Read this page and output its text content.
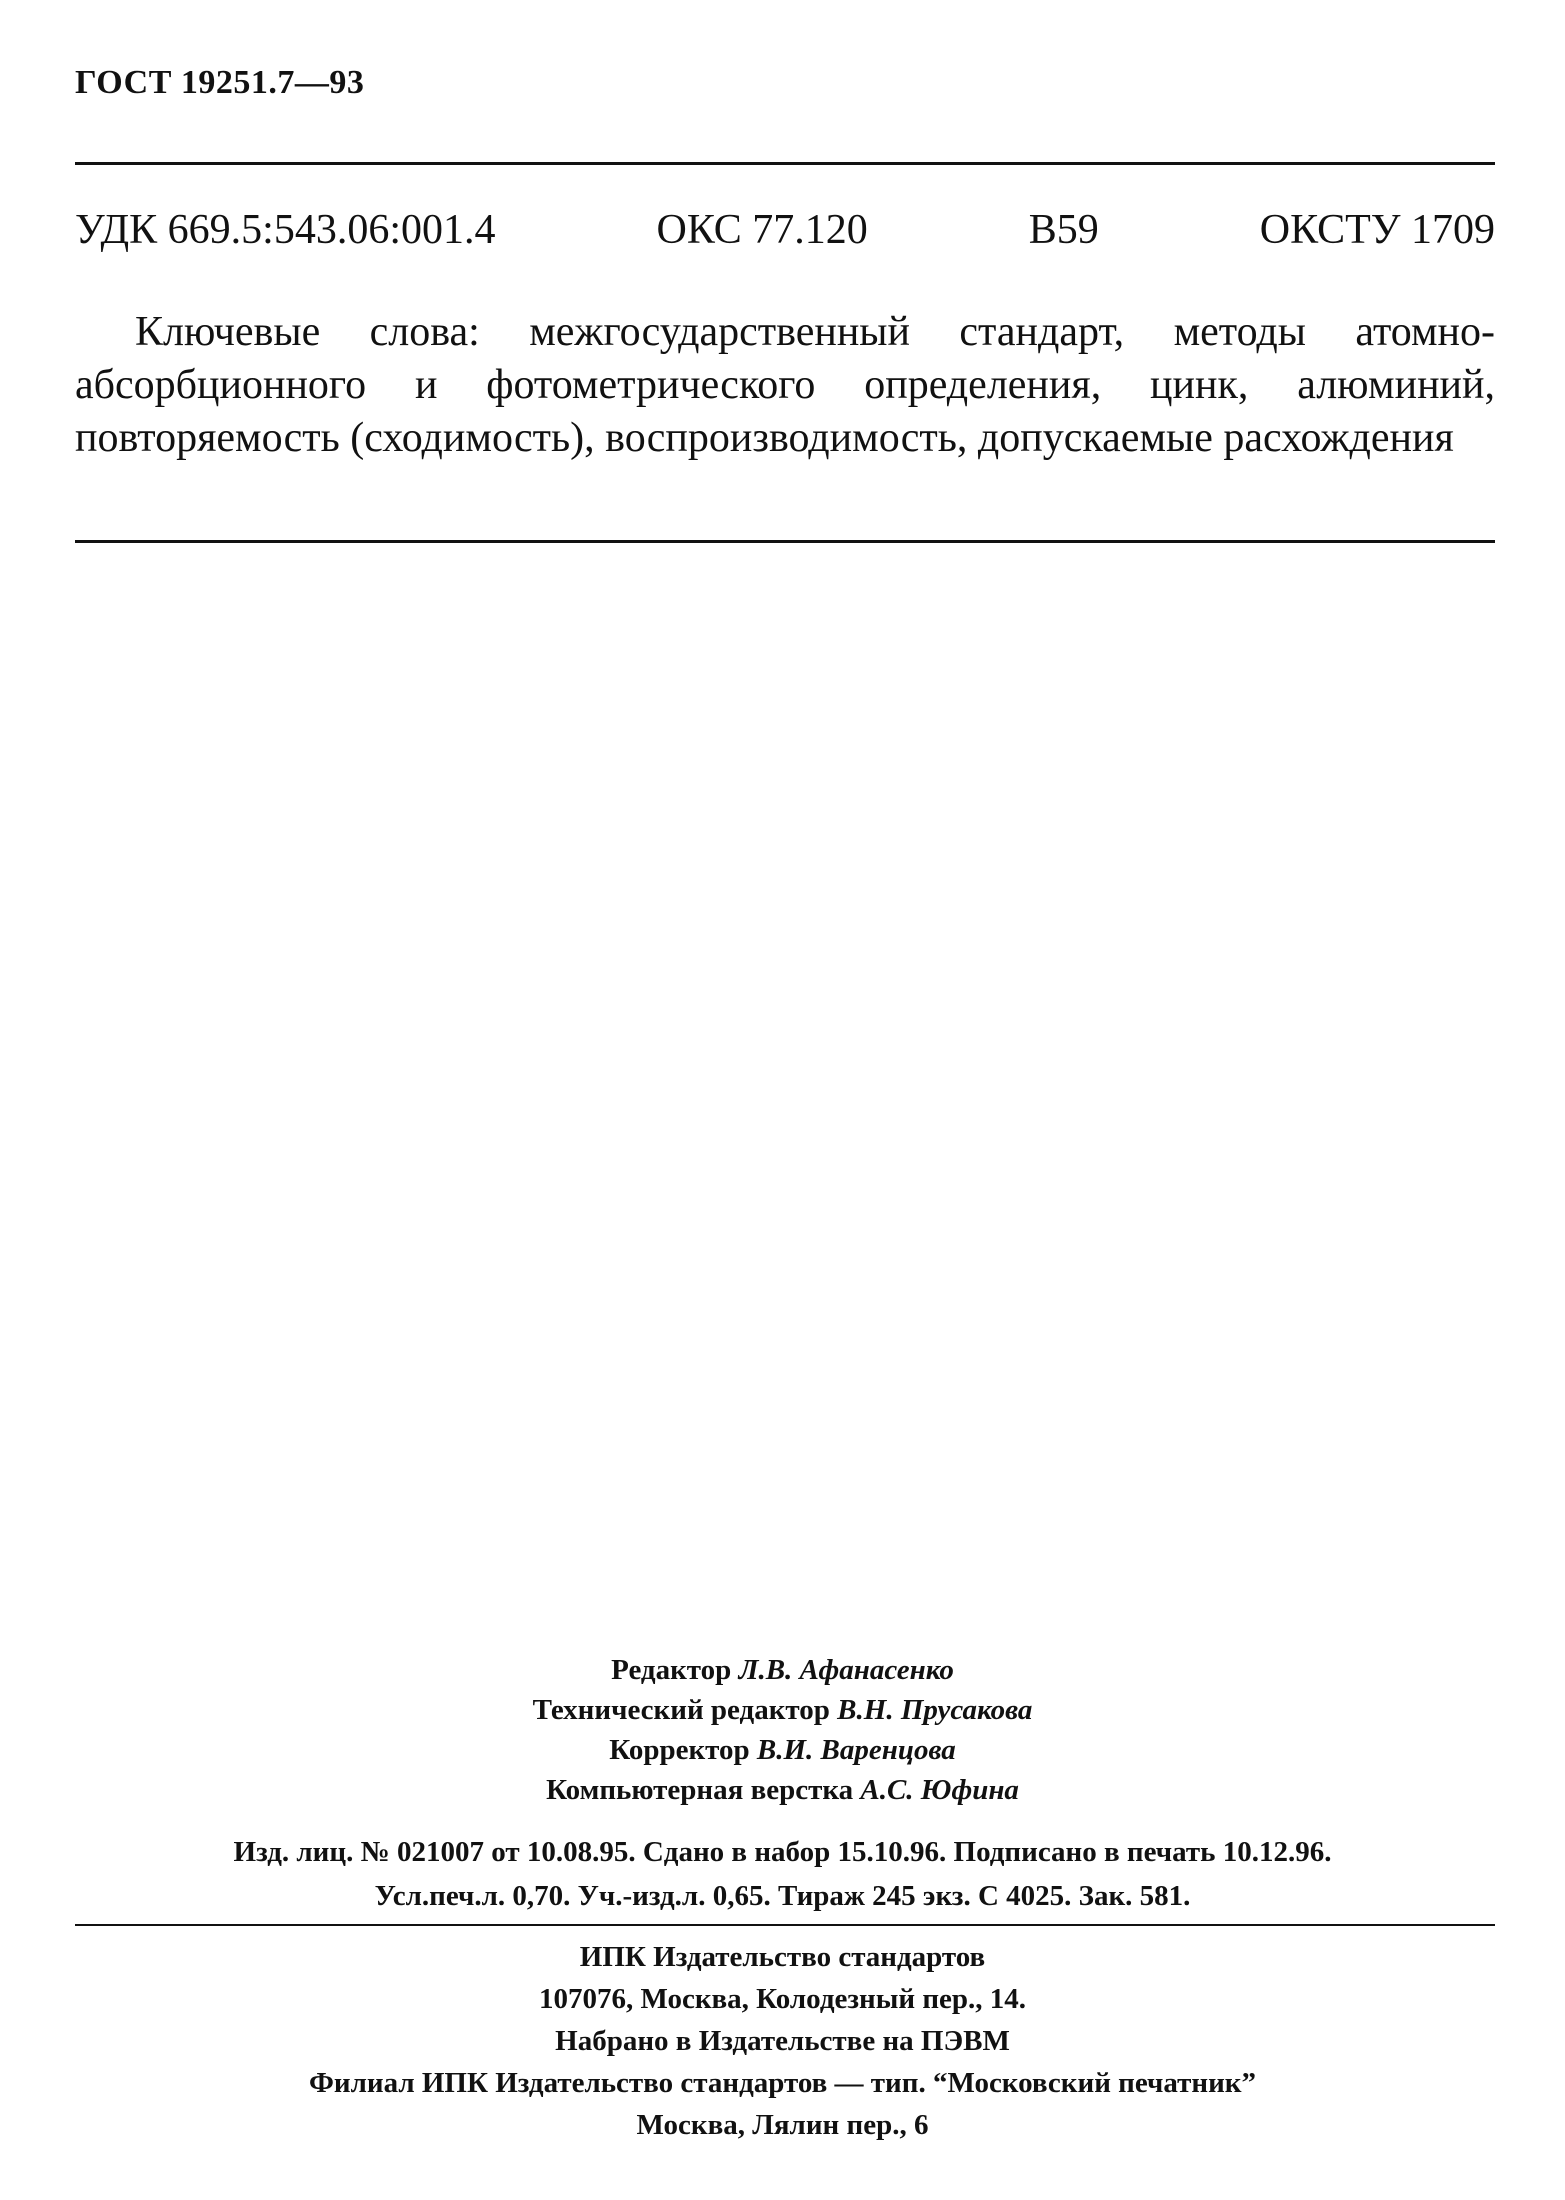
ГОСТ 19251.7—93
УДК 669.5:543.06:001.4	ОКС 77.120	В59	ОКСТУ 1709
Ключевые слова: межгосударственный стандарт, методы атомно-абсорбционного и фотометрического определения, цинк, алюминий, повторяемость (сходимость), воспроизводимость, допускаемые расхождения
Редактор Л.В. Афанасенко
Технический редактор В.Н. Прусакова
Корректор В.И. Варенцова
Компьютерная верстка А.С. Юфина
Изд. лиц. № 021007 от 10.08.95. Сдано в набор 15.10.96. Подписано в печать 10.12.96.
Усл.печ.л. 0,70. Уч.-изд.л. 0,65. Тираж 245 экз. С 4025. Зак. 581.
ИПК Издательство стандартов
107076, Москва, Колодезный пер., 14.
Набрано в Издательстве на ПЭВМ
Филиал ИПК Издательство стандартов — тип. “Московский печатник”
Москва, Лялин пер., 6
